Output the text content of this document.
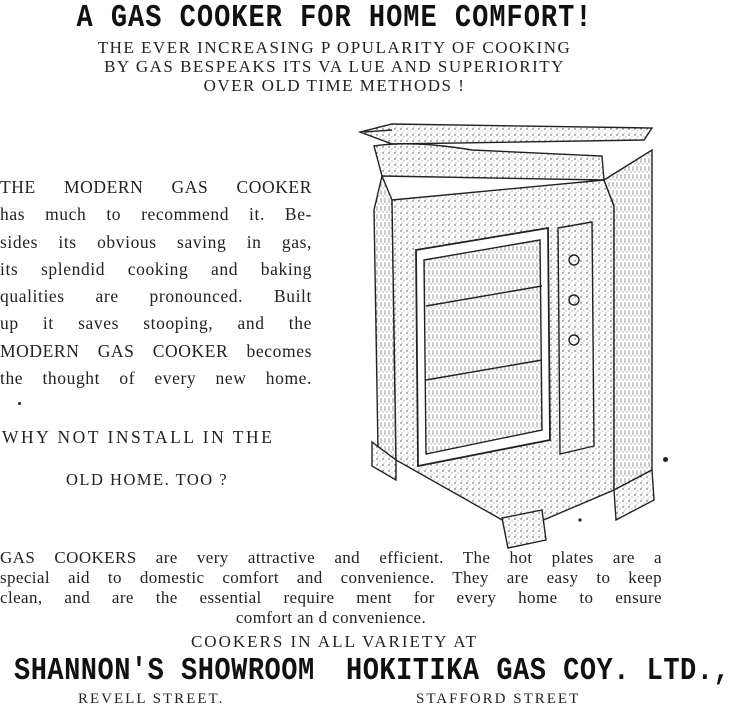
A GAS COOKER FOR HOME COMFORT!
THE EVER INCREASING P OPULARITY OF COOKING
BY GAS BESPEAKS ITS VA LUE AND SUPERIORITY
OVER OLD TIME METHODS !
THE MODERN GAS COOKER
has much to recommend it. Be-
sides its obvious saving in gas,
its splendid cooking and baking
qualities are pronounced. Built
up it saves stooping, and the
MODERN GAS COOKER becomes
the thought of every new home.
WHY NOT INSTALL IN THE
OLD HOME. TOO ?
GAS COOKERS are very attractive and efficient. The hot plates are a
special aid to domestic comfort and convenience. They are easy to keep
clean, and are the essential require ment for every home to ensure
comfort an d convenience.
COOKERS IN ALL VARIETY AT
SHANNON'S SHOWROOM HOKITIKA GAS COY. LTD.,
REVELL STREET.	STAFFORD STREET
